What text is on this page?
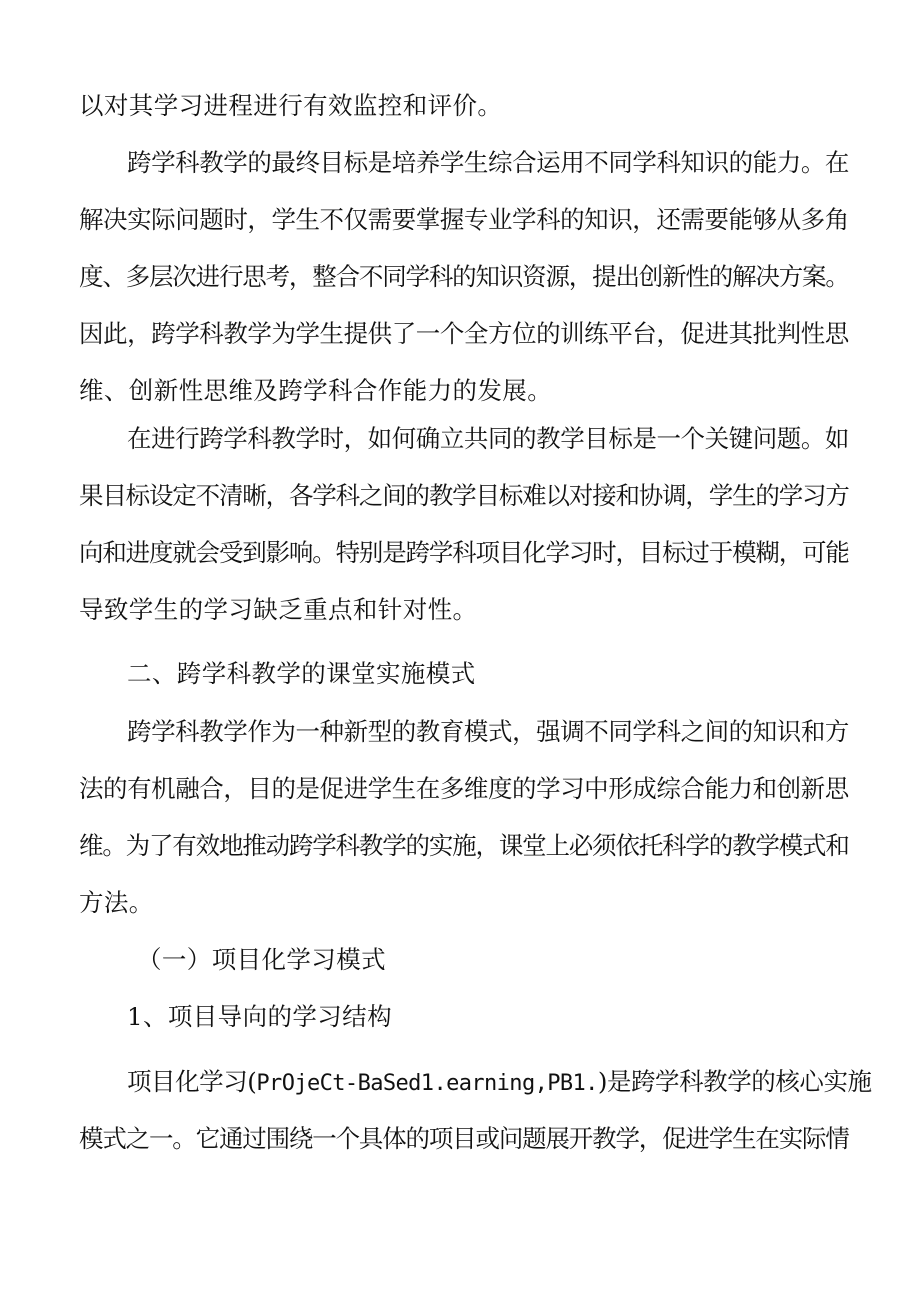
以对其学习进程进行有效监控和评价。
跨学科教学的最终目标是培养学生综合运用不同学科知识的能力。在
解决实际问题时，学生不仅需要掌握专业学科的知识，还需要能够从多角
度、多层次进行思考，整合不同学科的知识资源，提出创新性的解决方案。
因此，跨学科教学为学生提供了一个全方位的训练平台，促进其批判性思
维、创新性思维及跨学科合作能力的发展。
在进行跨学科教学时，如何确立共同的教学目标是一个关键问题。如
果目标设定不清晰，各学科之间的教学目标难以对接和协调，学生的学习方
向和进度就会受到影响。特别是跨学科项目化学习时，目标过于模糊，可能
导致学生的学习缺乏重点和针对性。
二、跨学科教学的课堂实施模式
跨学科教学作为一种新型的教育模式，强调不同学科之间的知识和方
法的有机融合，目的是促进学生在多维度的学习中形成综合能力和创新思
维。为了有效地推动跨学科教学的实施，课堂上必须依托科学的教学模式和
方法。
（一）项目化学习模式
1、项目导向的学习结构
项目化学习(PrOjeCt-BaSed1.earning,PB1.)是跨学科教学的核心实施
模式之一。它通过围绕一个具体的项目或问题展开教学，促进学生在实际情
